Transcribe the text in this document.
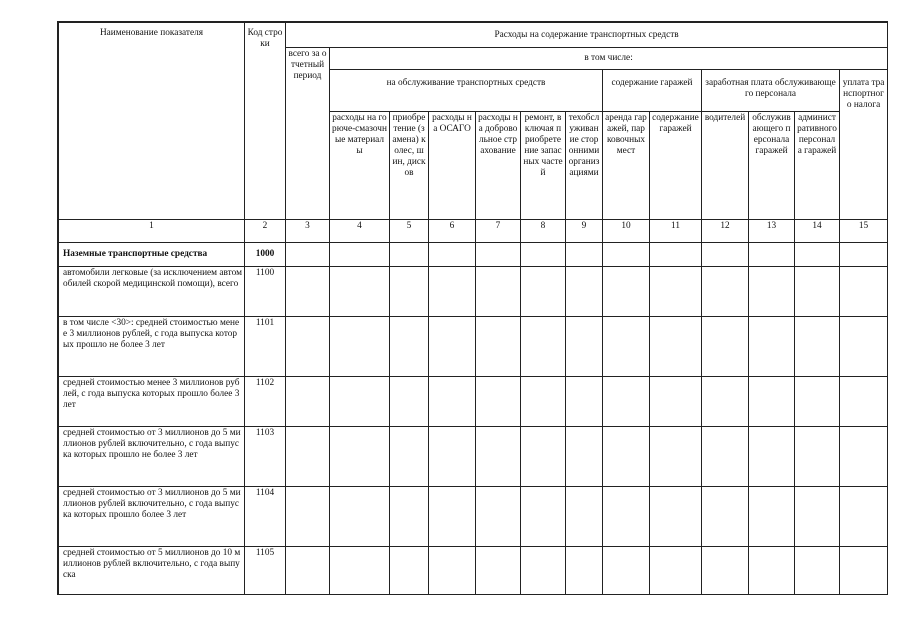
Наименование показателя	Код строки	Расходы на содержание транспортных средств												
		всего за отчетный период	в том числе:											
			на обслуживание транспортных средств						содержание гаражей		заработная плата обслуживающего персонала			уплата транспортного налога
			расходы на горюче-смазочные материалы	приобретение (замена) колес, шин, дисков	расходы на ОСАГО	расходы на добровольное страхование	ремонт, включая приобретение запасных частей	техобслуживание сторонними организациями	аренда гаражей, парковочных мест	содержание гаражей	водителей	обслуживающего персонала гаражей	административного персонала гаражей	
1	2	3	4	5	6	7	8	9	10	11	12	13	14	15
Наземные транспортные средства	1000													
автомобили легковые (за исключением автомобилей скорой медицинской помощи), всего	1100													
в том числе <30>: средней стоимостью менее 3 миллионов рублей, с года выпуска которых прошло не более 3 лет	1101													
средней стоимостью менее 3 миллионов рублей, с года выпуска которых прошло более 3 лет	1102													
средней стоимостью от 3 миллионов до 5 миллионов рублей включительно, с года выпуска которых прошло не более 3 лет	1103													
средней стоимостью от 3 миллионов до 5 миллионов рублей включительно, с года выпуска которых прошло более 3 лет	1104													
средней стоимостью от 5 миллионов до 10 миллионов рублей включительно, с года выпуска	1105													
